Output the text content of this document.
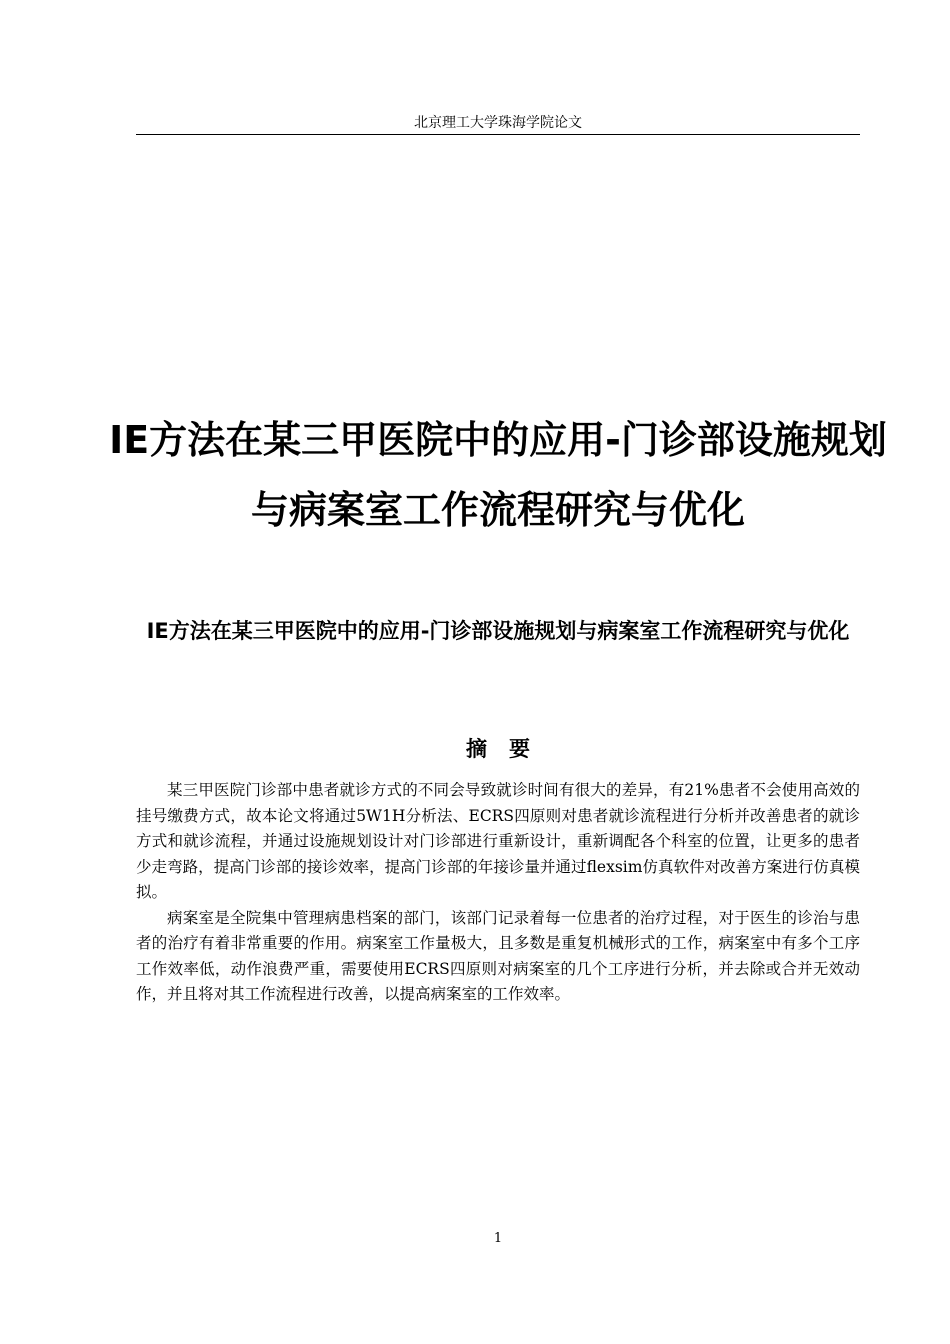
北京理工大学珠海学院论文
IE方法在某三甲医院中的应用-门诊部设施规划与病案室工作流程研究与优化
IE方法在某三甲医院中的应用-门诊部设施规划与病案室工作流程研究与优化
摘要

某三甲医院门诊部中患者就诊方式的不同会导致就诊时间有很大的差异，有21%患者不会使用高效的挂号缴费方式，故本论文将通过5W1H分析法、ECRS四原则对患者就诊流程进行分析并改善患者的就诊方式和就诊流程，并通过设施规划设计对门诊部进行重新设计，重新调配各个科室的位置，让更多的患者少走弯路，提高门诊部的接诊效率，提高门诊部的年接诊量并通过flexsim仿真软件对改善方案进行仿真模拟。

病案室是全院集中管理病患档案的部门，该部门记录着每一位患者的治疗过程，对于医生的诊治与患者的治疗有着非常重要的作用。病案室工作量极大，且多数是重复机械形式的工作，病案室中有多个工序工作效率低，动作浪费严重，需要使用ECRS四原则对病案室的几个工序进行分析，并去除或合并无效动作，并且将对其工作流程进行改善，以提高病案室的工作效率。

1
